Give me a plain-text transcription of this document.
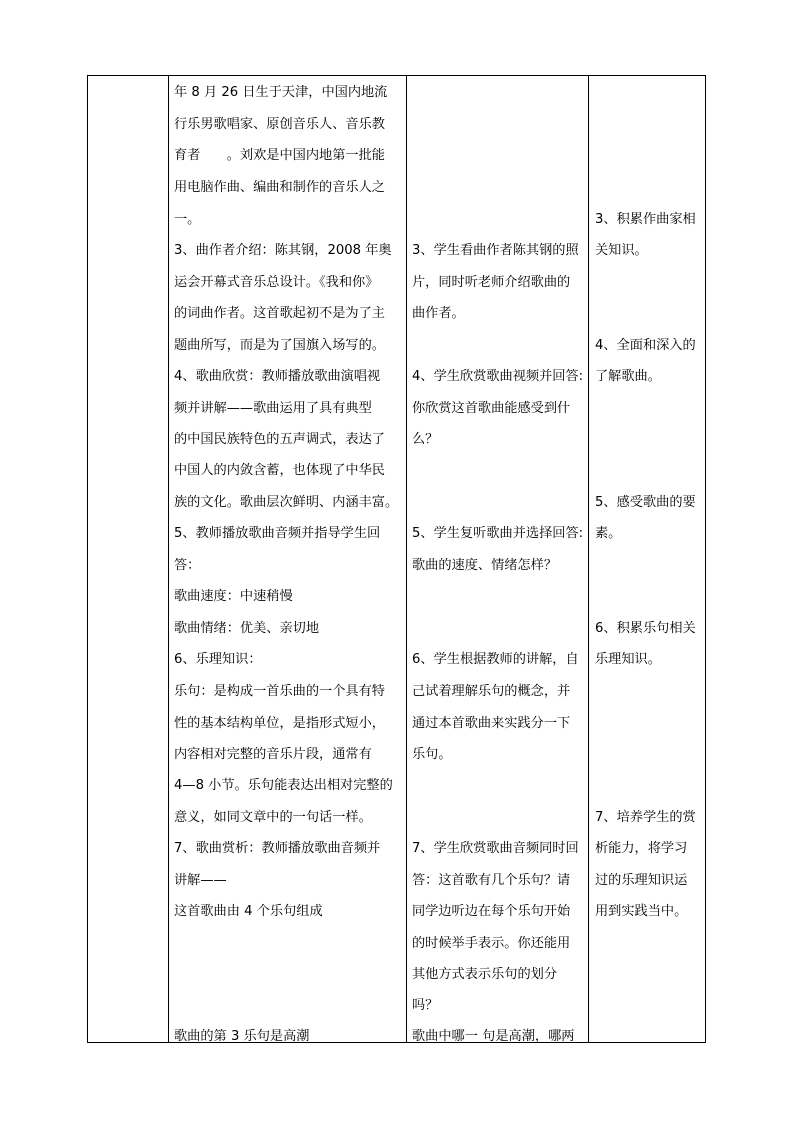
年 8 月 26 日生于天津，中国内地流
行乐男歌唱家、原创音乐人、音乐教
育者　　。刘欢是中国内地第一批能
用电脑作曲、编曲和制作的音乐人之
一。
3、曲作者介绍：陈其钢，2008 年奥
运会开幕式音乐总设计。《我和你》
的词曲作者。这首歌起初不是为了主
题曲所写，而是为了国旗入场写的。
4、歌曲欣赏：教师播放歌曲演唱视
频并讲解——歌曲运用了具有典型
的中国民族特色的五声调式，表达了
中国人的内敛含蓄，也体现了中华民
族的文化。歌曲层次鲜明、内涵丰富。
5、教师播放歌曲音频并指导学生回
答：
歌曲速度：中速稍慢
歌曲情绪：优美、亲切地
6、乐理知识：
乐句：是构成一首乐曲的一个具有特
性的基本结构单位，是指形式短小，
内容相对完整的音乐片段，通常有
4—8 小节。乐句能表达出相对完整的
意义，如同文章中的一句话一样。
7、歌曲赏析：教师播放歌曲音频并
讲解——
这首歌曲由 4 个乐句组成
歌曲的第 3 乐句是高潮
3、学生看曲作者陈其钢的照
片，同时听老师介绍歌曲的
曲作者。
4、学生欣赏歌曲视频并回答:
你欣赏这首歌曲能感受到什
么？
5、学生复听歌曲并选择回答:
歌曲的速度、情绪怎样？
6、学生根据教师的讲解，自
己试着理解乐句的概念，并
通过本首歌曲来实践分一下
乐句。
7、学生欣赏歌曲音频同时回
答：这首歌有几个乐句？请
同学边听边在每个乐句开始
的时候举手表示。你还能用
其他方式表示乐句的划分
吗？
歌曲中哪一 句是高潮，哪两
3、积累作曲家相
关知识。
4、全面和深入的
了解歌曲。
5、感受歌曲的要
素。
6、积累乐句相关
乐理知识。
7、培养学生的赏
析能力，将学习
过的乐理知识运
用到实践当中。
